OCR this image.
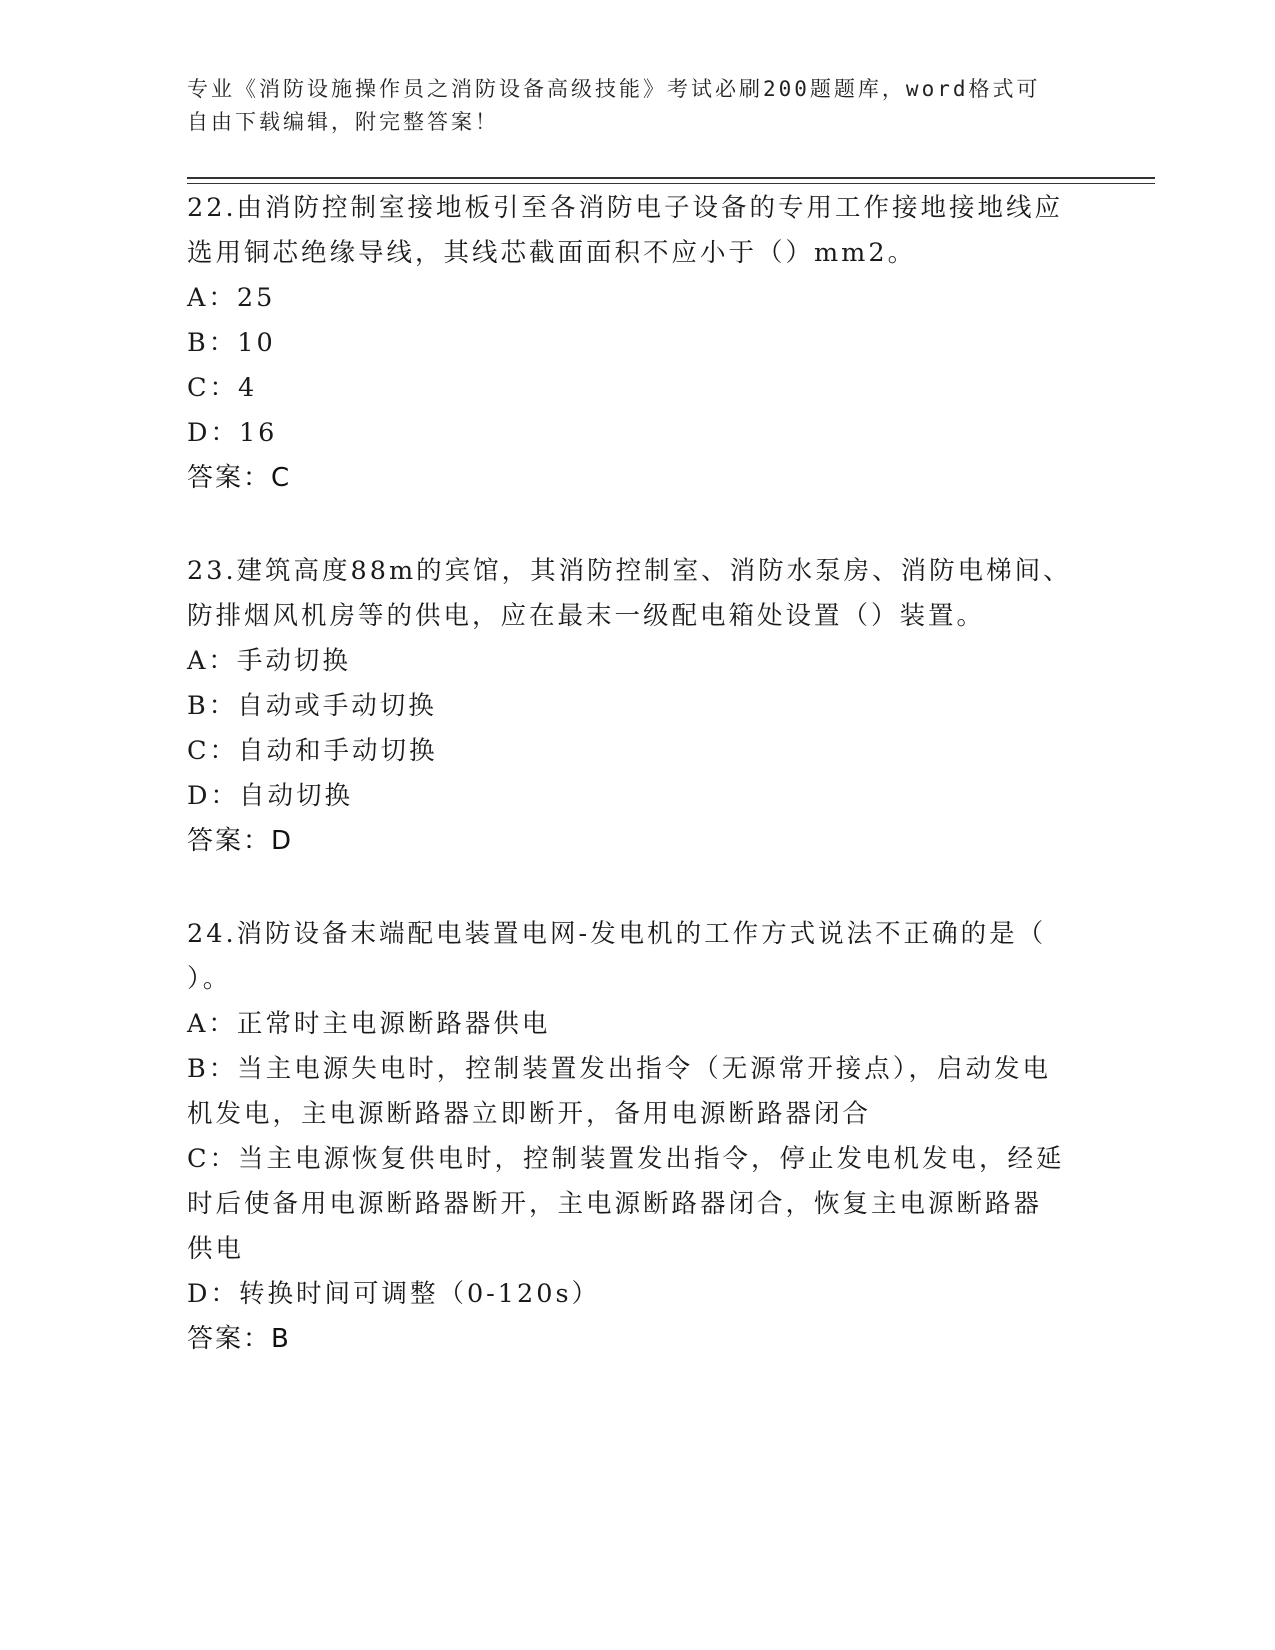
专业《消防设施操作员之消防设备高级技能》考试必刷200题题库，word格式可
自由下载编辑，附完整答案！
22.由消防控制室接地板引至各消防电子设备的专用工作接地接地线应
选用铜芯绝缘导线，其线芯截面面积不应小于（）mm2。
A：25
B：10
C：4
D：16
答案：C
23.建筑高度88m的宾馆，其消防控制室、消防水泵房、消防电梯间、
防排烟风机房等的供电，应在最末一级配电箱处设置（）装置。
A：手动切换
B：自动或手动切换
C：自动和手动切换
D：自动切换
答案：D
24.消防设备末端配电装置电网-发电机的工作方式说法不正确的是（
）。
A：正常时主电源断路器供电
B：当主电源失电时，控制装置发出指令（无源常开接点），启动发电
机发电，主电源断路器立即断开，备用电源断路器闭合
C：当主电源恢复供电时，控制装置发出指令，停止发电机发电，经延
时后使备用电源断路器断开，主电源断路器闭合，恢复主电源断路器
供电
D：转换时间可调整（0-120s）
答案：B
